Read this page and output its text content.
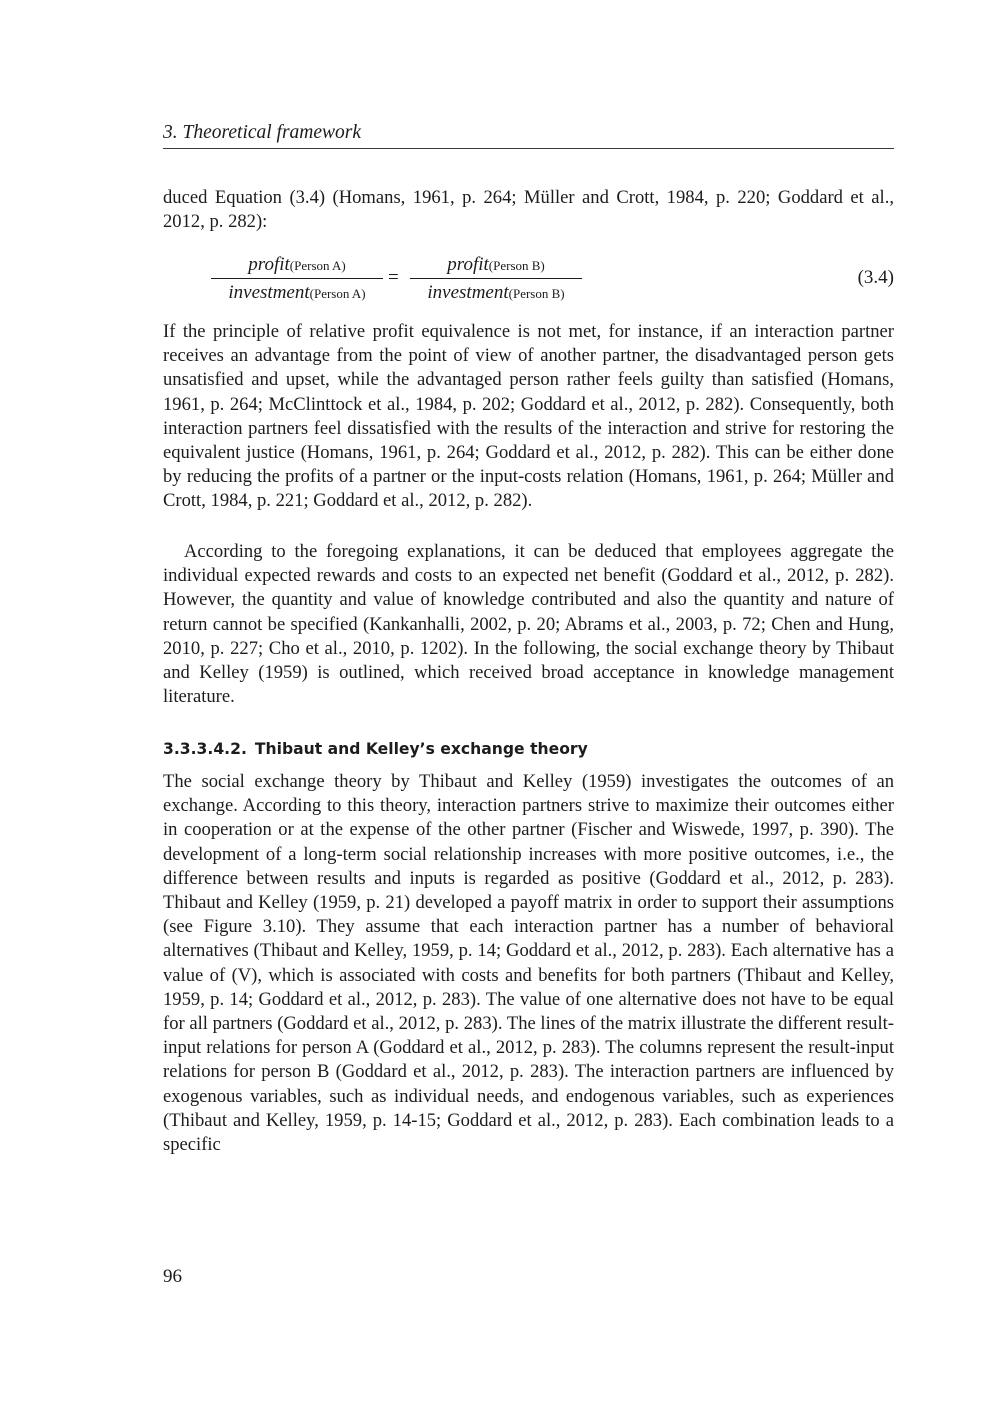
3. Theoretical framework

duced Equation (3.4) (Homans, 1961, p. 264; Müller and Crott, 1984, p. 220; Goddard et al., 2012, p. 282):

profit(Person A)
investment(Person A)
=
profit(Person B)
investment(Person B)
(3.4)

If the principle of relative profit equivalence is not met, for instance, if an interaction partner receives an advantage from the point of view of another partner, the disadvantaged person gets unsatisfied and upset, while the advantaged person rather feels guilty than satisfied (Homans, 1961, p. 264; McClinttock et al., 1984, p. 202; Goddard et al., 2012, p. 282). Consequently, both interaction partners feel dissatisfied with the results of the interaction and strive for restoring the equivalent justice (Homans, 1961, p. 264; Goddard et al., 2012, p. 282). This can be either done by reducing the profits of a partner or the input-costs relation (Homans, 1961, p. 264; Müller and Crott, 1984, p. 221; Goddard et al., 2012, p. 282).

According to the foregoing explanations, it can be deduced that employees aggregate the individual expected rewards and costs to an expected net benefit (Goddard et al., 2012, p. 282). However, the quantity and value of knowledge contributed and also the quantity and nature of return cannot be specified (Kankanhalli, 2002, p. 20; Abrams et al., 2003, p. 72; Chen and Hung, 2010, p. 227; Cho et al., 2010, p. 1202). In the following, the social exchange theory by Thibaut and Kelley (1959) is outlined, which received broad acceptance in knowledge management literature.

3.3.3.4.2. Thibaut and Kelley’s exchange theory

The social exchange theory by Thibaut and Kelley (1959) investigates the outcomes of an exchange. According to this theory, interaction partners strive to maximize their outcomes either in cooperation or at the expense of the other partner (Fischer and Wiswede, 1997, p. 390). The development of a long-term social relationship increases with more positive outcomes, i.e., the difference between results and inputs is regarded as positive (Goddard et al., 2012, p. 283). Thibaut and Kelley (1959, p. 21) developed a payoff matrix in order to support their assumptions (see Figure 3.10). They assume that each interaction partner has a number of behavioral alternatives (Thibaut and Kelley, 1959, p. 14; Goddard et al., 2012, p. 283). Each alternative has a value of (V), which is associated with costs and benefits for both partners (Thibaut and Kelley, 1959, p. 14; Goddard et al., 2012, p. 283). The value of one alternative does not have to be equal for all partners (Goddard et al., 2012, p. 283). The lines of the matrix illustrate the different result-input relations for person A (Goddard et al., 2012, p. 283). The columns represent the result-input relations for person B (Goddard et al., 2012, p. 283). The interaction partners are influenced by exogenous variables, such as individual needs, and endogenous variables, such as experiences (Thibaut and Kelley, 1959, p. 14-15; Goddard et al., 2012, p. 283). Each combination leads to a specific

96
